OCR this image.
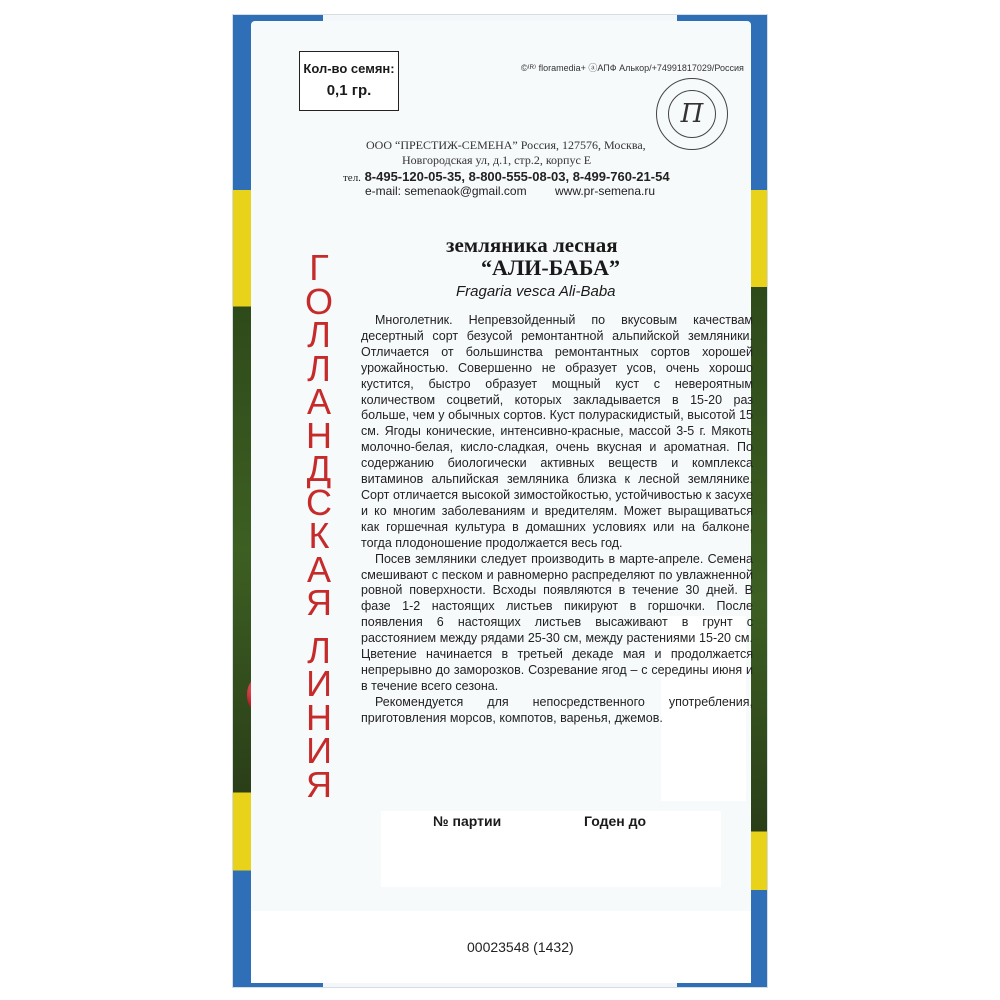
Кол-во семян:
0,1 гр.
©⁽ᴿ⁾ floramedia+ ⓐАПФ Алькор/+74991817029/Россия
П
ООО “ПРЕСТИЖ-СЕМЕНА” Россия, 127576, Москва,
Новгородская ул, д.1, стр.2, корпус Е
тел. 8-495-120-05-35, 8-800-555-08-03, 8-499-760-21-54
e-mail: semenaok@gmail.com www.pr-semena.ru
Г
О
Л
Л
А
Н
Д
С
К
А
Я
Л
И
Н
И
Я
земляника лесная
“АЛИ-БАБА”
Fragaria vesca Ali-Baba

Многолетник. Непревзойденный по вкусовым качествам десертный сорт безусой ремонтантной альпийской земляники. Отличается от большинства ремонтантных сортов хорошей урожайностью. Совершенно не образует усов, очень хорошо кустится, быстро образует мощный куст с невероятным количеством соцветий, которых закладывается в 15-20 раз больше, чем у обычных сортов. Куст полураскидистый, высотой 15 см. Ягоды конические, интенсивно-красные, массой 3-5 г. Мякоть молочно-белая, кисло-сладкая, очень вкусная и ароматная. По содержанию биологически активных веществ и комплекса витаминов альпийская земляника близка к лесной землянике. Сорт отличается высокой зимостойкостью, устойчивостью к засухе и ко многим заболеваниям и вредителям. Может выращиваться как горшечная культура в домашних условиях или на балконе, тогда плодоношение продолжается весь год.

Посев земляники следует производить в марте-апреле. Семена смешивают с песком и равномерно распределяют по увлажненной ровной поверхности. Всходы появляются в течение 30 дней. В фазе 1-2 настоящих листьев пикируют в горшочки. После появления 6 настоящих листьев высаживают в грунт с расстоянием между рядами 25-30 см, между растениями 15-20 см. Цветение начинается в третьей декаде мая и продолжается непрерывно до заморозков. Созревание ягод – с середины июня и в течение всего сезона.

Рекомендуется для непосредственного употребления, приготовления морсов, компотов, варенья, джемов.

№ партии	Годен до
00023548 (1432)
